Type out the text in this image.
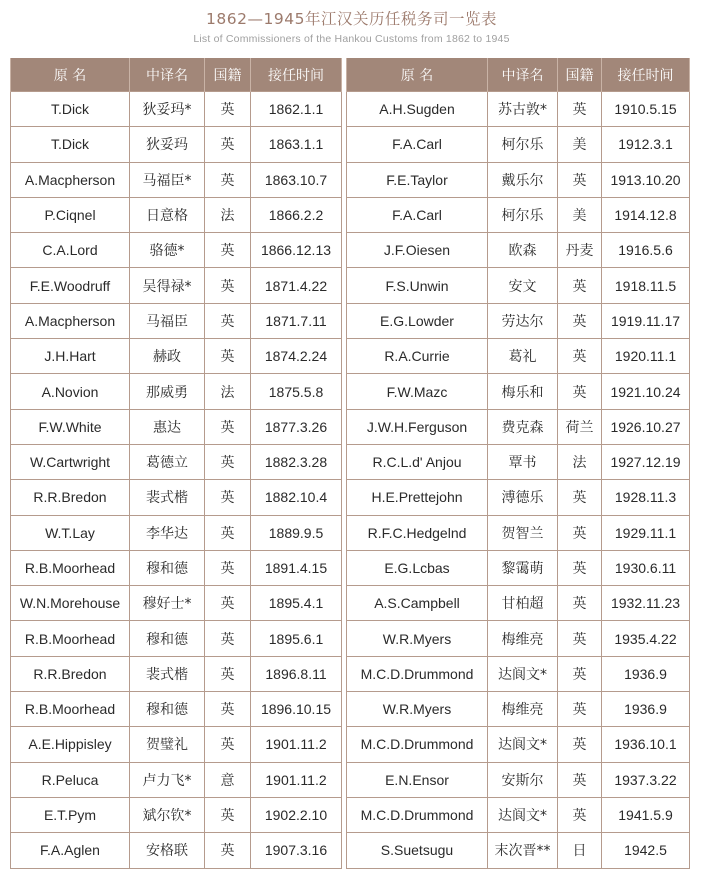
1862—1945年江汉关历任税务司一览表
List of Commissioners of the Hankou Customs from 1862 to 1945
原 名	中译名	国籍	接任时间
T.Dick	狄妥玛*	英	1862.1.1
T.Dick	狄妥玛	英	1863.1.1
A.Macpherson	马福臣*	英	1863.10.7
P.Ciqnel	日意格	法	1866.2.2
C.A.Lord	骆德*	英	1866.12.13
F.E.Woodruff	吴得禄*	英	1871.4.22
A.Macpherson	马福臣	英	1871.7.11
J.H.Hart	赫政	英	1874.2.24
A.Novion	那威勇	法	1875.5.8
F.W.White	惠达	英	1877.3.26
W.Cartwright	葛德立	英	1882.3.28
R.R.Bredon	裴式楷	英	1882.10.4
W.T.Lay	李华达	英	1889.9.5
R.B.Moorhead	穆和德	英	1891.4.15
W.N.Morehouse	穆好士*	英	1895.4.1
R.B.Moorhead	穆和德	英	1895.6.1
R.R.Bredon	裴式楷	英	1896.8.11
R.B.Moorhead	穆和德	英	1896.10.15
A.E.Hippisley	贺璧礼	英	1901.11.2
R.Peluca	卢力飞*	意	1901.11.2
E.T.Pym	斌尔钦*	英	1902.2.10
F.A.Aglen	安格联	英	1907.3.16
原 名	中译名	国籍	接任时间
A.H.Sugden	苏古敦*	英	1910.5.15
F.A.Carl	柯尔乐	美	1912.3.1
F.E.Taylor	戴乐尔	英	1913.10.20
F.A.Carl	柯尔乐	美	1914.12.8
J.F.Oiesen	欧森	丹麦	1916.5.6
F.S.Unwin	安文	英	1918.11.5
E.G.Lowder	劳达尔	英	1919.11.17
R.A.Currie	葛礼	英	1920.11.1
F.W.Mazc	梅乐和	英	1921.10.24
J.W.H.Ferguson	费克森	荷兰	1926.10.27
R.C.L.d' Anjou	覃书	法	1927.12.19
H.E.Prettejohn	溥德乐	英	1928.11.3
R.F.C.Hedgelnd	贺智兰	英	1929.11.1
E.G.Lcbas	黎霭萌	英	1930.6.11
A.S.Campbell	甘柏超	英	1932.11.23
W.R.Myers	梅维亮	英	1935.4.22
M.C.D.Drummond	达阆文*	英	1936.9
W.R.Myers	梅维亮	英	1936.9
M.C.D.Drummond	达阆文*	英	1936.10.1
E.N.Ensor	安斯尔	英	1937.3.22
M.C.D.Drummond	达阆文*	英	1941.5.9
S.Suetsugu	末次晋**	日	1942.5
